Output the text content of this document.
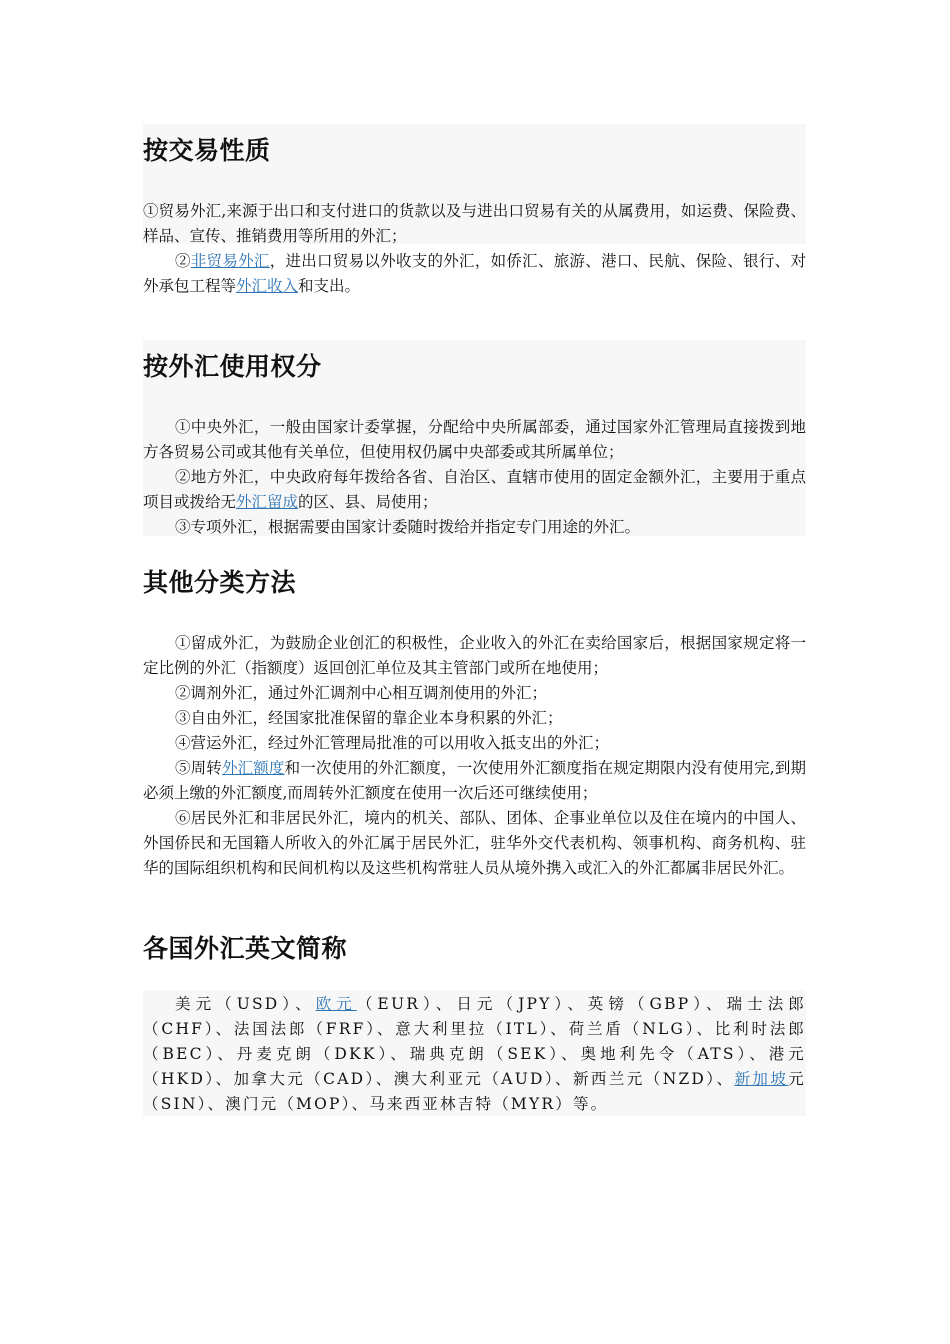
按交易性质

①贸易外汇,来源于出口和支付进口的货款以及与进出口贸易有关的从属费用，如运费、保险费、样品、宣传、推销费用等所用的外汇；

②非贸易外汇，进出口贸易以外收支的外汇，如侨汇、旅游、港口、民航、保险、银行、对外承包工程等外汇收入和支出。

按外汇使用权分

①中央外汇，一般由国家计委掌握，分配给中央所属部委，通过国家外汇管理局直接拨到地方各贸易公司或其他有关单位，但使用权仍属中央部委或其所属单位；

②地方外汇，中央政府每年拨给各省、自治区、直辖市使用的固定金额外汇，主要用于重点项目或拨给无外汇留成的区、县、局使用；

③专项外汇，根据需要由国家计委随时拨给并指定专门用途的外汇。

其他分类方法

①留成外汇，为鼓励企业创汇的积极性，企业收入的外汇在卖给国家后，根据国家规定将一定比例的外汇（指额度）返回创汇单位及其主管部门或所在地使用；

②调剂外汇，通过外汇调剂中心相互调剂使用的外汇；

③自由外汇，经国家批准保留的靠企业本身积累的外汇；

④营运外汇，经过外汇管理局批准的可以用收入抵支出的外汇；

⑤周转外汇额度和一次使用的外汇额度，一次使用外汇额度指在规定期限内没有使用完,到期必须上缴的外汇额度,而周转外汇额度在使用一次后还可继续使用；

⑥居民外汇和非居民外汇，境内的机关、部队、团体、企事业单位以及住在境内的中国人、外国侨民和无国籍人所收入的外汇属于居民外汇，驻华外交代表机构、领事机构、商务机构、驻华的国际组织机构和民间机构以及这些机构常驻人员从境外携入或汇入的外汇都属非居民外汇。

各国外汇英文简称

美元（USD）、欧元（EUR）、日元（JPY）、英镑（GBP）、瑞士法郎（CHF）、法国法郎（FRF）、意大利里拉（ITL）、荷兰盾（NLG）、比利时法郎（BEC）、丹麦克朗（DKK）、瑞典克朗（SEK）、奥地利先令（ATS）、港元（HKD）、加拿大元（CAD）、澳大利亚元（AUD）、新西兰元（NZD）、新加坡元（SIN）、澳门元（MOP）、马来西亚林吉特（MYR）等。
